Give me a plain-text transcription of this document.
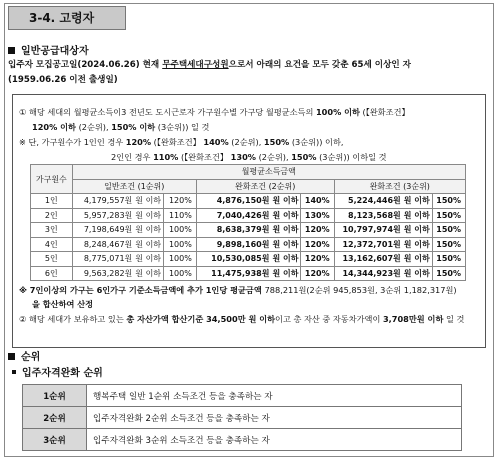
3-4. 고령자
일반공급대상자
입주자 모집공고일(2024.06.26) 현재 무주택세대구성원으로서 아래의 요건을 모두 갖춘 65세 이상인 자
(1959.06.26 이전 출생일)
① 해당 세대의 월평균소득이3 전년도 도시근로자 가구원수별 가구당 월평균소득의 100% 이하 (【완화조건】
120% 이하 (2순위), 150% 이하 (3순위)) 일 것
※ 단, 가구원수가 1인인 경우 120% (【완화조건】 140% (2순위), 150% (3순위)) 이하,
2인인 경우 110% (【완화조건】 130% (2순위), 150% (3순위)) 이하일 것
※ 7인이상의 가구는 6인가구 기준소득금액에 추가 1인당 평균금액 788,211원(2순위 945,853원, 3순위 1,182,317원)
을 합산하여 산정
② 해당 세대가 보유하고 있는 총 자산가액 합산기준 34,500만 원 이하이고 총 자산 중 자동차가액이 3,708만원 이하 일 것
가구원수	월평균소득금액					
	일반조건 (1순위)		완화조건 (2순위)		완화조건 (3순위)	
1인	4,179,557원 원 이하	120%	4,876,150원 원 이하	140%	5,224,446원 원 이하	150%
2인	5,957,283원 원 이하	110%	7,040,426원 원 이하	130%	8,123,568원 원 이하	150%
3인	7,198,649원 원 이하	100%	8,638,379원 원 이하	120%	10,797,974원 원 이하	150%
4인	8,248,467원 원 이하	100%	9,898,160원 원 이하	120%	12,372,701원 원 이하	150%
5인	8,775,071원 원 이하	100%	10,530,085원 원 이하	120%	13,162,607원 원 이하	150%
6인	9,563,282원 원 이하	100%	11,475,938원 원 이하	120%	14,344,923원 원 이하	150%
순위
입주자격완화 순위
1순위	행복주택 일반 1순위 소득조건 등을 충족하는 자
2순위	입주자격완화 2순위 소득조건 등을 충족하는 자
3순위	입주자격완화 3순위 소득조건 등을 충족하는 자
